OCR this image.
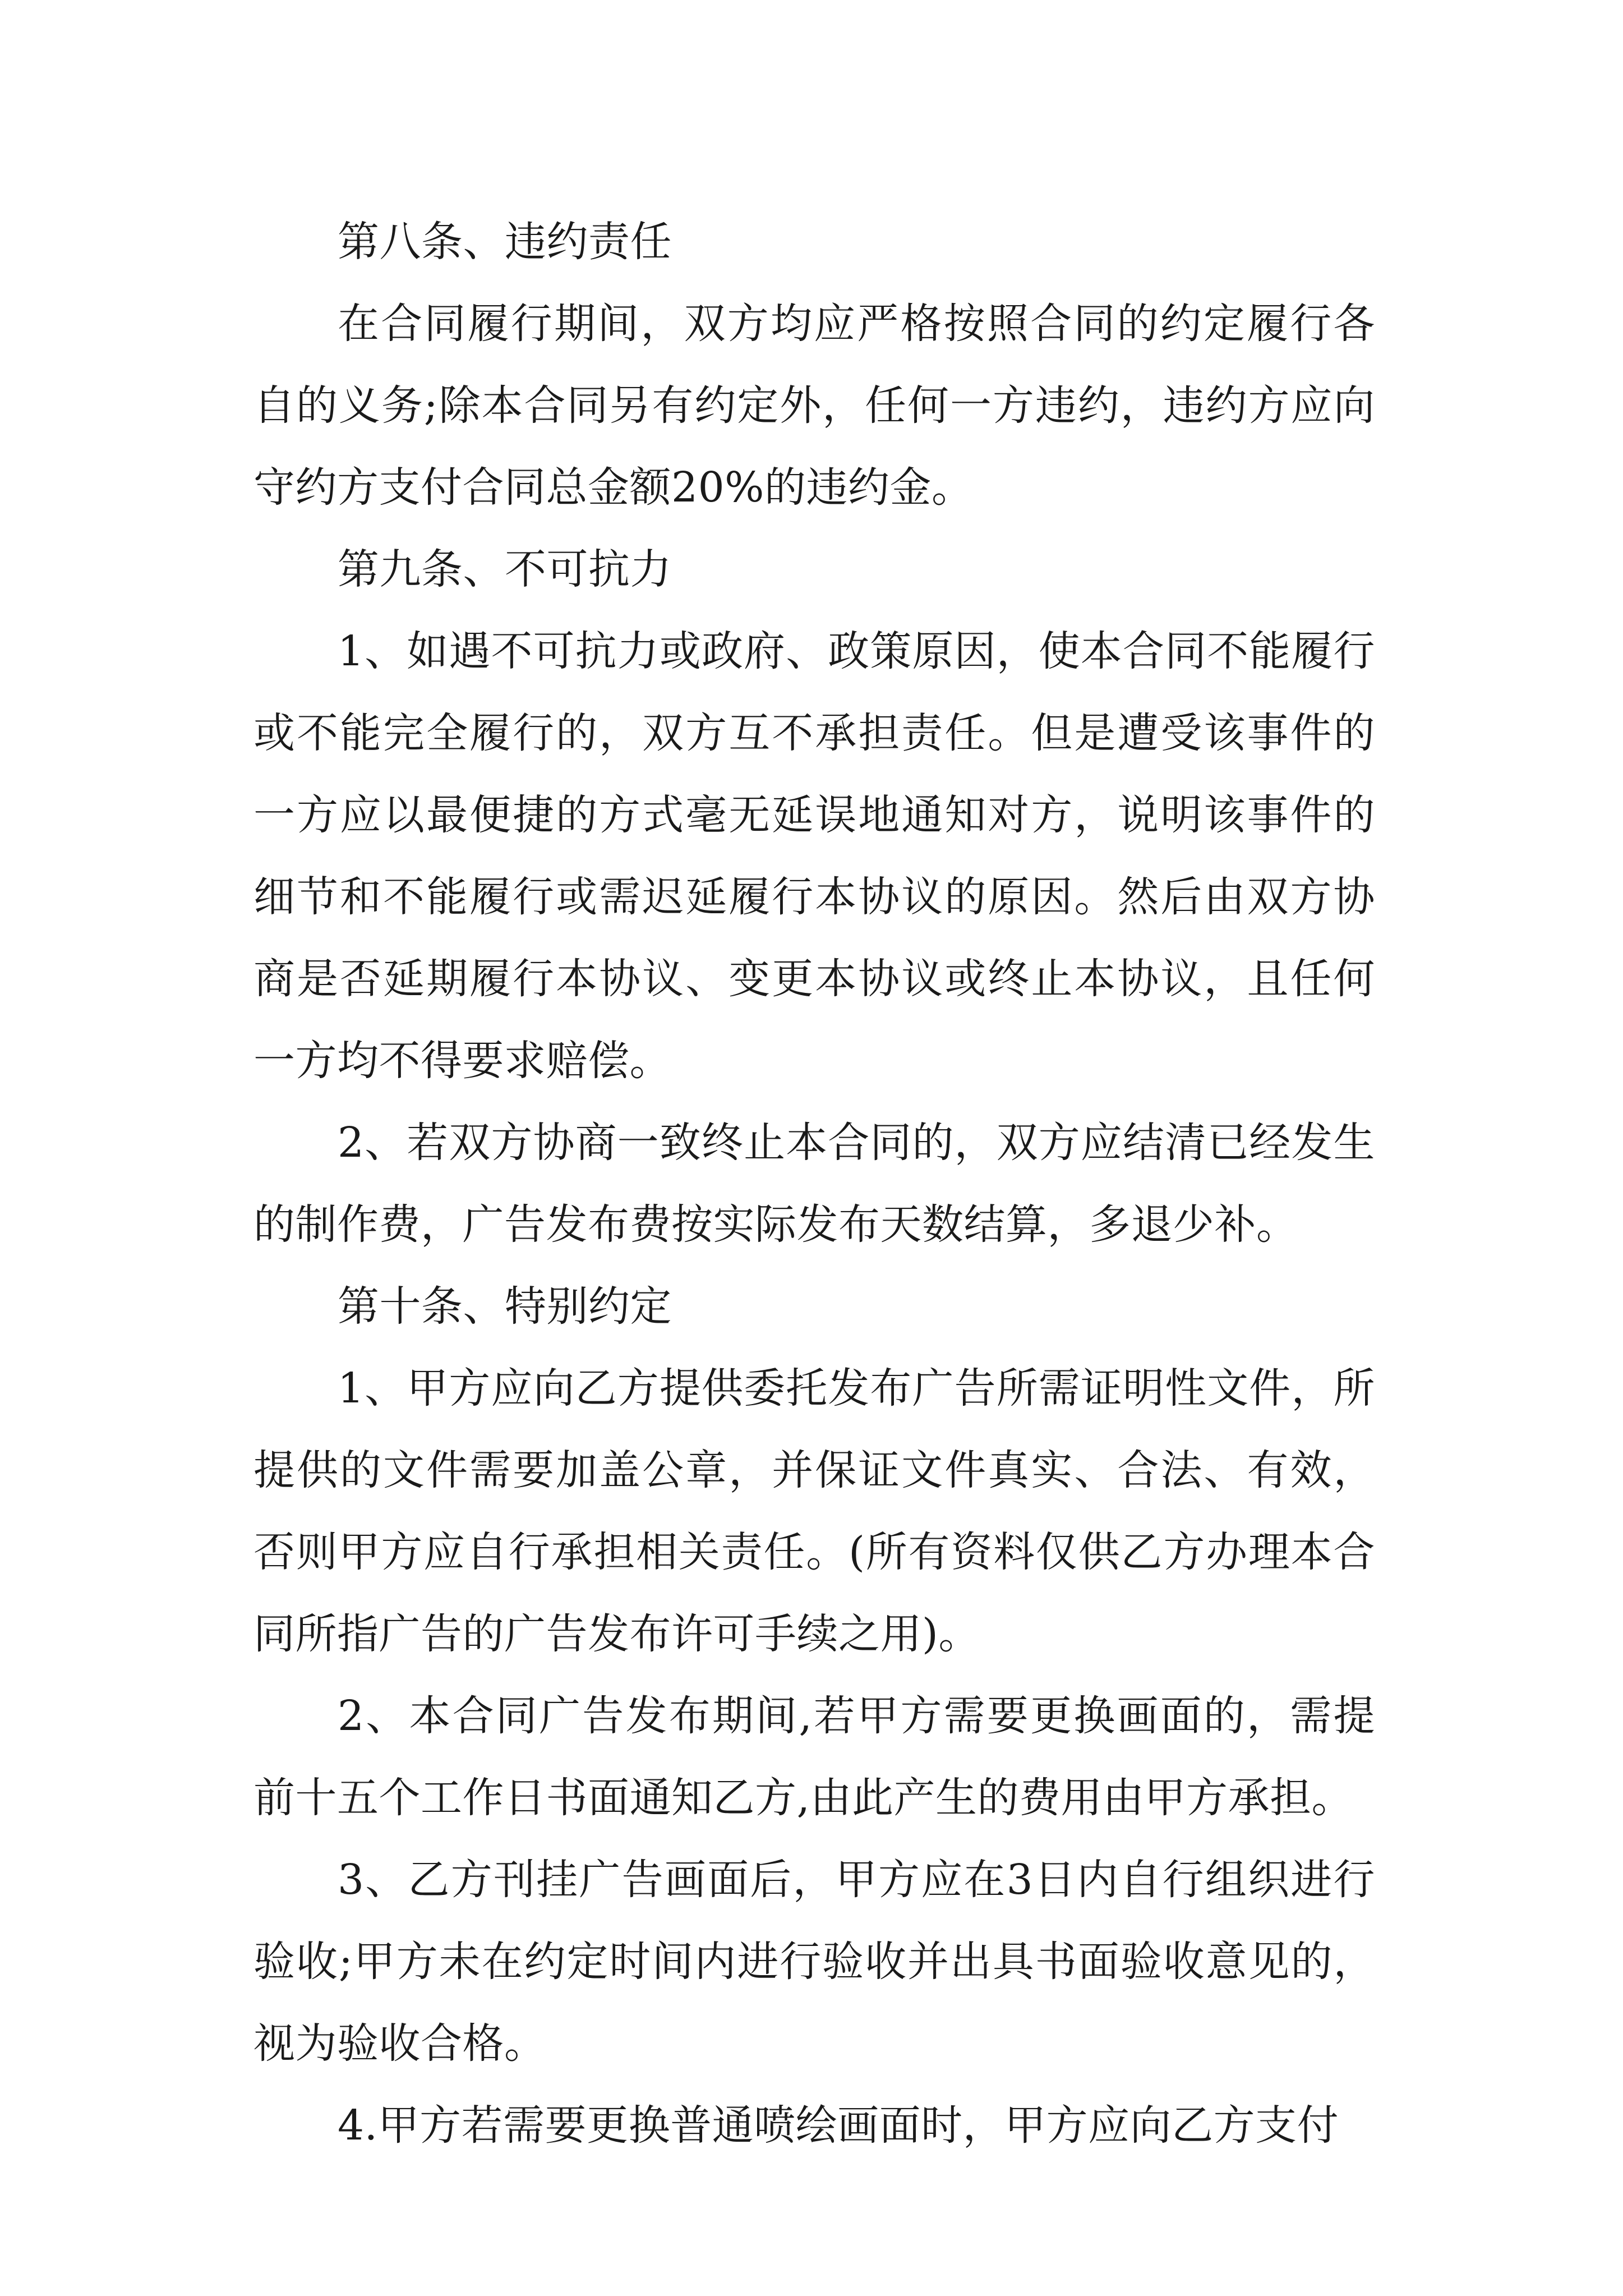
第八条、违约责任

在合同履行期间，双方均应严格按照合同的约定履行各自的义务;除本合同另有约定外，任何一方违约，违约方应向守约方支付合同总金额20%的违约金。

第九条、不可抗力

1、如遇不可抗力或政府、政策原因，使本合同不能履行或不能完全履行的，双方互不承担责任。但是遭受该事件的一方应以最便捷的方式毫无延误地通知对方，说明该事件的细节和不能履行或需迟延履行本协议的原因。然后由双方协商是否延期履行本协议、变更本协议或终止本协议，且任何一方均不得要求赔偿。

2、若双方协商一致终止本合同的，双方应结清已经发生的制作费，广告发布费按实际发布天数结算，多退少补。

第十条、特别约定

1、甲方应向乙方提供委托发布广告所需证明性文件，所提供的文件需要加盖公章，并保证文件真实、合法、有效，否则甲方应自行承担相关责任。(所有资料仅供乙方办理本合同所指广告的广告发布许可手续之用)。

2、本合同广告发布期间,若甲方需要更换画面的，需提前十五个工作日书面通知乙方,由此产生的费用由甲方承担。

3、乙方刊挂广告画面后，甲方应在3日内自行组织进行验收;甲方未在约定时间内进行验收并出具书面验收意见的，视为验收合格。

4.甲方若需要更换普通喷绘画面时，甲方应向乙方支付
